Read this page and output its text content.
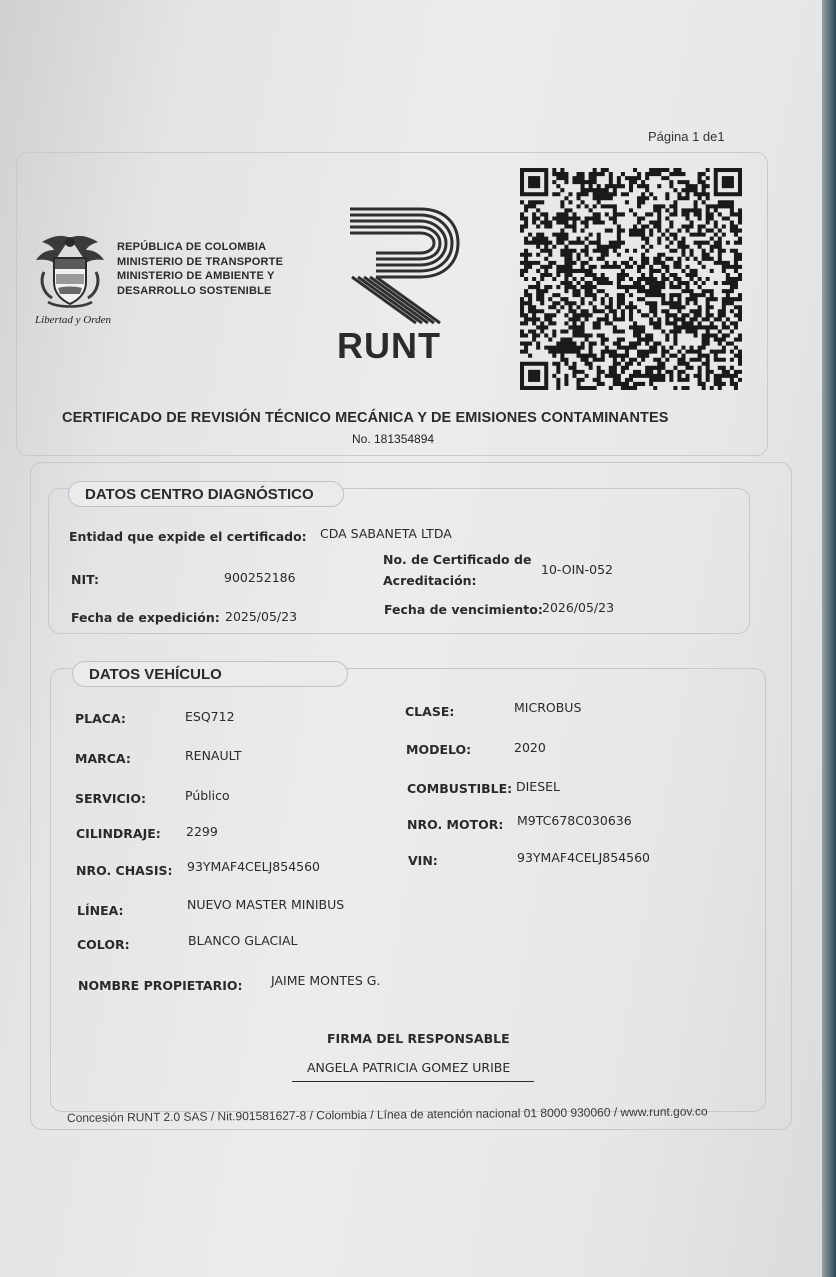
Página 1 de1
Libertad y Orden
REPÚBLICA DE COLOMBIA
MINISTERIO DE TRANSPORTE
MINISTERIO DE AMBIENTE Y
DESARROLLO SOSTENIBLE
RUNT
CERTIFICADO DE REVISIÓN TÉCNICO MECÁNICA Y DE EMISIONES CONTAMINANTES
No. 181354894
DATOS CENTRO DIAGNÓSTICO
Entidad que expide el certificado: CDA SABANETA LTDA
NIT:	900252186
No. de Certificado de
Acreditación:
10-OIN-052
Fecha de expedición: 2025/05/23	Fecha de vencimiento: 2026/05/23
DATOS VEHÍCULO
PLACA:	ESQ712	CLASE:	MICROBUS
MARCA:	RENAULT	MODELO:	2020
SERVICIO:	Público	COMBUSTIBLE: DIESEL
CILINDRAJE: 2299	NRO. MOTOR: M9TC678C030636
NRO. CHASIS: 93YMAF4CELJ854560	VIN:	93YMAF4CELJ854560
LÍNEA:	NUEVO MASTER MINIBUS
COLOR:	BLANCO GLACIAL
NOMBRE PROPIETARIO: JAIME MONTES G.
FIRMA DEL RESPONSABLE
ANGELA PATRICIA GOMEZ URIBE
Concesión RUNT 2.0 SAS / Nit.901581627-8 / Colombia / Línea de atención nacional 01 8000 930060 / www.runt.gov.co
